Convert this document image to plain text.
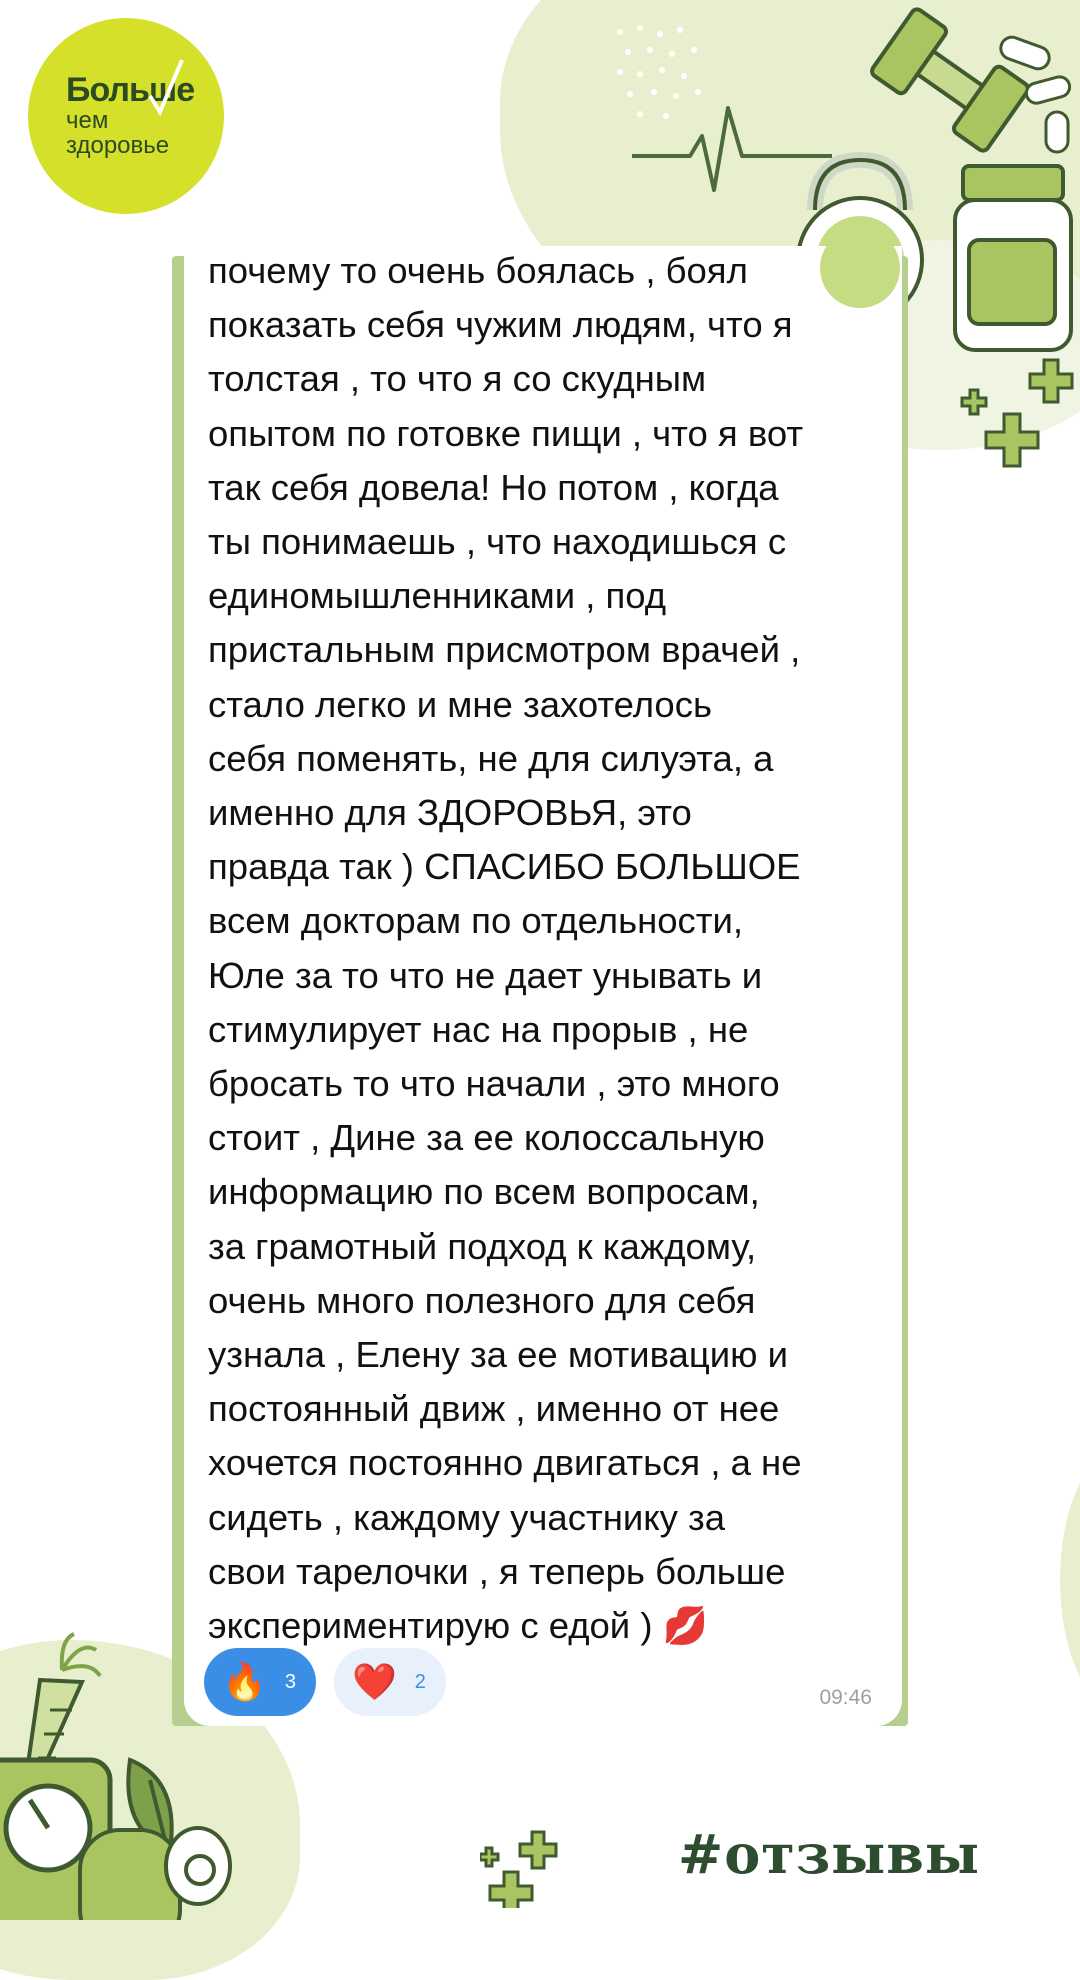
Больше
чем
здоровье

почему то очень боялась , боял
показать себя чужим людям, что я
толстая , то что я со скудным
опытом по готовке пищи , что я вот
так себя довела! Но потом , когда
ты понимаешь , что находишься с
единомышленниками , под
пристальным присмотром врачей ,
стало легко и мне захотелось
себя поменять, не для силуэта, а
именно для ЗДОРОВЬЯ, это
правда так ) СПАСИБО БОЛЬШОЕ
всем докторам по отдельности,
Юле за то что не дает унывать и
стимулирует нас на прорыв , не
бросать то что начали , это много
стоит , Дине за ее колоссальную
информацию по всем вопросам,
за грамотный подход к каждому,
очень много полезного для себя
узнала , Елену за ее мотивацию и
постоянный движ , именно от нее
хочется постоянно двигаться , а не
сидеть , каждому участнику за
свои тарелочки , я теперь больше
экспериментирую с едой ) 💋

🔥 3 ❤️ 2
09:46
#отзывы
